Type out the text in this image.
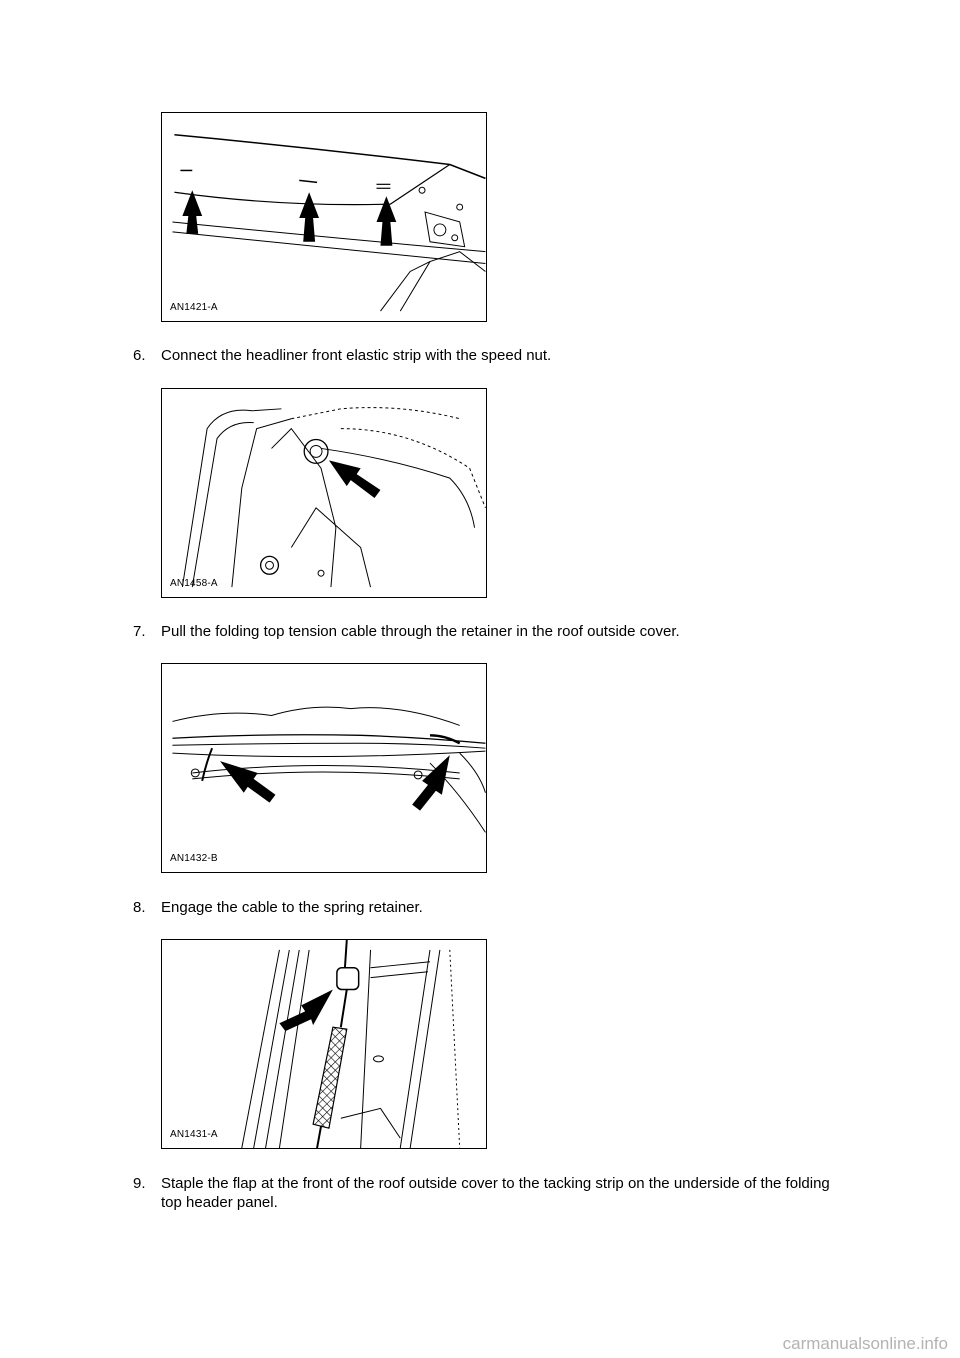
AN1421-A
6. Connect the headliner front elastic strip with the speed nut.
AN1458-A
7. Pull the folding top tension cable through the retainer in the roof outside cover.
AN1432-B
8. Engage the cable to the spring retainer.
AN1431-A
9. Staple the flap at the front of the roof outside cover to the tacking strip on the underside of the folding top header panel.
carmanualsonline.info
